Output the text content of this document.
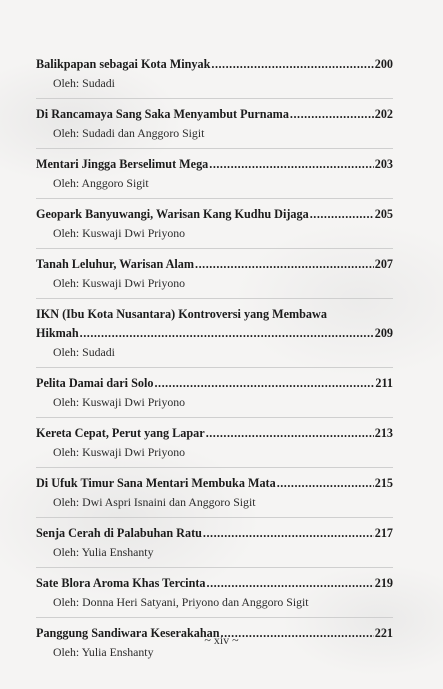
Balikpapan sebagai Kota Minyak .....	200
Oleh: Sudadi
Di Rancamaya Sang Saka Menyambut Purnama .....	202
Oleh: Sudadi dan Anggoro Sigit
Mentari Jingga Berselimut Mega .....	203
Oleh: Anggoro Sigit
Geopark Banyuwangi, Warisan Kang Kudhu Dijaga .....	205
Oleh: Kuswaji Dwi Priyono
Tanah Leluhur, Warisan Alam .....	207
Oleh: Kuswaji Dwi Priyono
IKN (Ibu Kota Nusantara) Kontroversi yang Membawa
Hikmah .....	209
Oleh: Sudadi
Pelita Damai dari Solo .....	211
Oleh: Kuswaji Dwi Priyono
Kereta Cepat, Perut yang Lapar .....	213
Oleh: Kuswaji Dwi Priyono
Di Ufuk Timur Sana Mentari Membuka Mata .....	215
Oleh: Dwi Aspri Isnaini dan Anggoro Sigit
Senja Cerah di Palabuhan Ratu .....	217
Oleh: Yulia Enshanty
Sate Blora Aroma Khas Tercinta .....	219
Oleh: Donna Heri Satyani, Priyono dan Anggoro Sigit
Panggung Sandiwara Keserakahan .....	221
Oleh: Yulia Enshanty
~ xiv ~
